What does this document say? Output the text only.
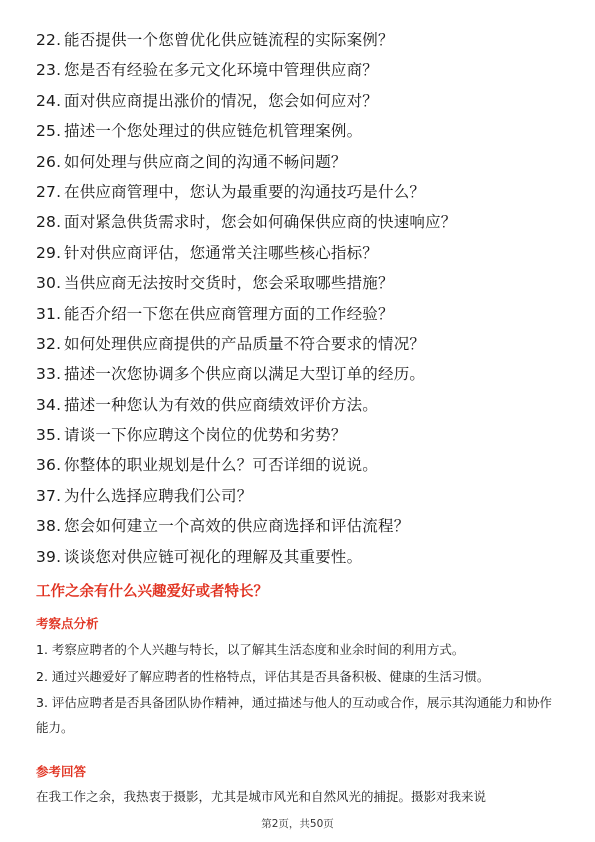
22. 能否提供一个您曾优化供应链流程的实际案例？
23. 您是否有经验在多元文化环境中管理供应商？
24. 面对供应商提出涨价的情况，您会如何应对？
25. 描述一个您处理过的供应链危机管理案例。
26. 如何处理与供应商之间的沟通不畅问题？
27. 在供应商管理中，您认为最重要的沟通技巧是什么？
28. 面对紧急供货需求时，您会如何确保供应商的快速响应？
29. 针对供应商评估，您通常关注哪些核心指标？
30. 当供应商无法按时交货时，您会采取哪些措施？
31. 能否介绍一下您在供应商管理方面的工作经验？
32. 如何处理供应商提供的产品质量不符合要求的情况？
33. 描述一次您协调多个供应商以满足大型订单的经历。
34. 描述一种您认为有效的供应商绩效评价方法。
35. 请谈一下你应聘这个岗位的优势和劣势？
36. 你整体的职业规划是什么？可否详细的说说。
37. 为什么选择应聘我们公司？
38. 您会如何建立一个高效的供应商选择和评估流程？
39. 谈谈您对供应链可视化的理解及其重要性。
工作之余有什么兴趣爱好或者特长？
考察点分析
1. 考察应聘者的个人兴趣与特长，以了解其生活态度和业余时间的利用方式。
2. 通过兴趣爱好了解应聘者的性格特点，评估其是否具备积极、健康的生活习惯。
3. 评估应聘者是否具备团队协作精神，通过描述与他人的互动或合作，展示其沟通能力和协作能力。
参考回答
在我工作之余，我热衷于摄影，尤其是城市风光和自然风光的捕捉。摄影对我来说
第2页，共50页
